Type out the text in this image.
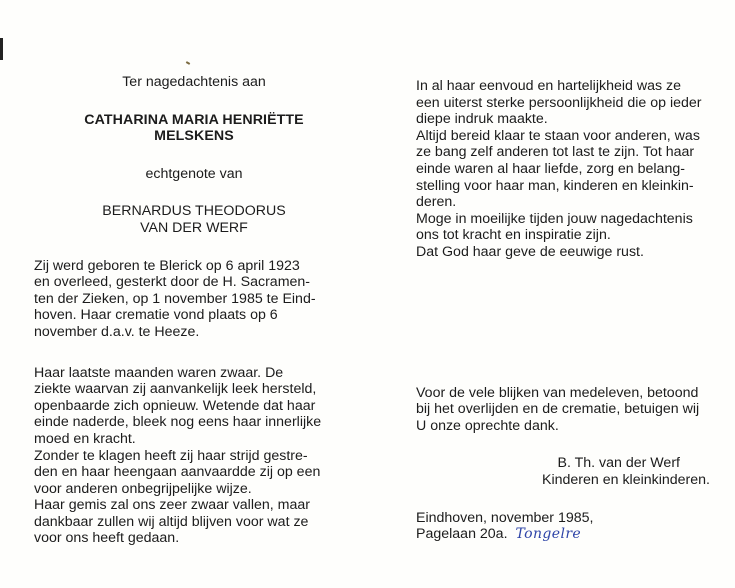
Ter nagedachtenis aan

CATHARINA MARIA HENRIËTTE

MELSKENS

echtgenote van

BERNARDUS THEODORUS

VAN DER WERF

Zij werd geboren te Blerick op 6 april 1923

en overleed, gesterkt door de H. Sacramen-

ten der Zieken, op 1 november 1985 te Eind-

hoven. Haar crematie vond plaats op 6

november d.a.v. te Heeze.

Haar laatste maanden waren zwaar. De

ziekte waarvan zij aanvankelijk leek hersteld,

openbaarde zich opnieuw. Wetende dat haar

einde naderde, bleek nog eens haar innerlijke

moed en kracht.

Zonder te klagen heeft zij haar strijd gestre-

den en haar heengaan aanvaardde zij op een

voor anderen onbegrijpelijke wijze.

Haar gemis zal ons zeer zwaar vallen, maar

dankbaar zullen wij altijd blijven voor wat ze

voor ons heeft gedaan.

In al haar eenvoud en hartelijkheid was ze

een uiterst sterke persoonlijkheid die op ieder

diepe indruk maakte.

Altijd bereid klaar te staan voor anderen, was

ze bang zelf anderen tot last te zijn. Tot haar

einde waren al haar liefde, zorg en belang-

stelling voor haar man, kinderen en kleinkin-

deren.

Moge in moeilijke tijden jouw nagedachtenis

ons tot kracht en inspiratie zijn.

Dat God haar geve de eeuwige rust.

Voor de vele blijken van medeleven, betoond

bij het overlijden en de crematie, betuigen wij

U onze oprechte dank.

B. Th. van der Werf

Kinderen en kleinkinderen.

Eindhoven, november 1985,

Pagelaan 20a. Tongelre
